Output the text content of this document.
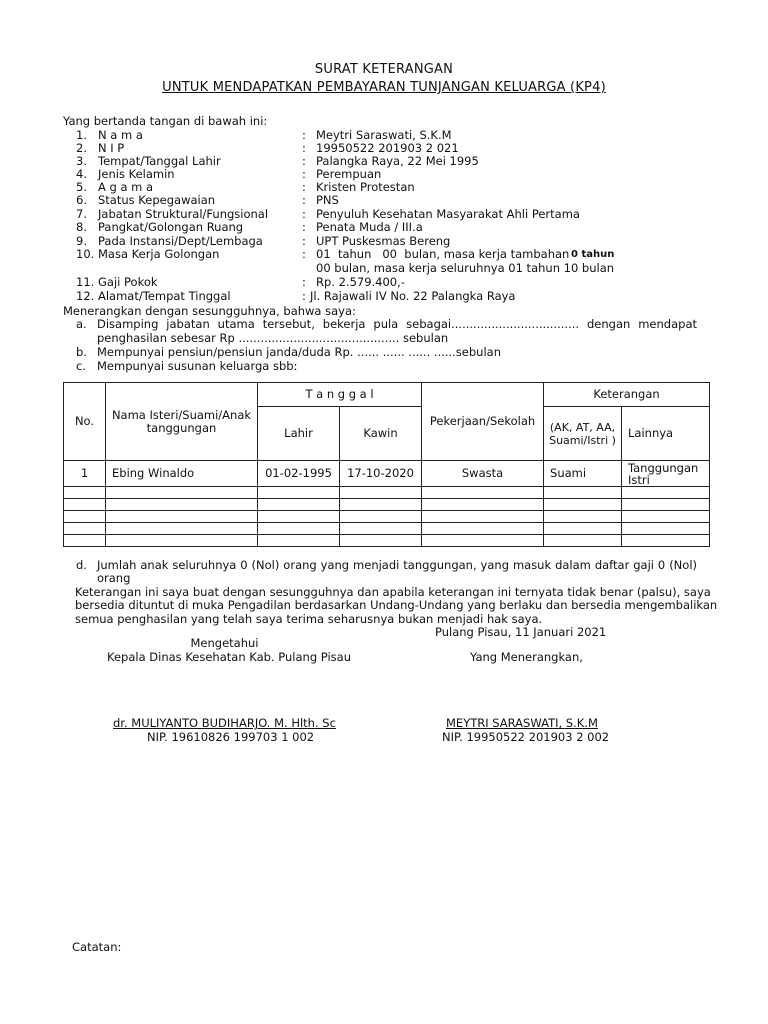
SURAT KETERANGAN
UNTUK MENDAPATKAN PEMBAYARAN TUNJANGAN KELUARGA (KP4)
Yang bertanda tangan di bawah ini:
1. N a m a	: Meytri Saraswati, S.K.M
2. N I P	: 19950522 201903 2 021
3. Tempat/Tanggal Lahir	: Palangka Raya, 22 Mei 1995
4. Jenis Kelamin	: Perempuan
5. A g a m a	: Kristen Protestan
6. Status Kepegawaian	: PNS
7. Jabatan Struktural/Fungsional	: Penyuluh Kesehatan Masyarakat Ahli Pertama
8. Pangkat/Golongan Ruang	: Penata Muda / III.a
9. Pada Instansi/Dept/Lembaga	: UPT Puskesmas Bereng
10. Masa Kerja Golongan	: 01  tahun   00  bulan, masa kerja tambahan 0 tahun
00 bulan, masa kerja seluruhnya 01 tahun 10 bulan
11. Gaji Pokok	: Rp. 2.579.400,-
12. Alamat/Tempat Tinggal	: Jl. Rajawali IV No. 22 Palangka Raya
Menerangkan dengan sesungguhnya, bahwa saya:
a. Disamping jabatan utama tersebut, bekerja pula sebagai................................... dengan mendapat
penghasilan sebesar Rp ............................................ sebulan
b. Mempunyai pensiun/pensiun janda/duda Rp. ...... ...... ...... ......sebulan
c. Mempunyai susunan keluarga sbb:
No.	Nama Isteri/Suami/Anak tanggungan	T a n g g a l		Pekerjaan/Sekolah	Keterangan	
		Lahir	Kawin		(AK, AT, AA, Suami/Istri )	Lainnya
1	Ebing Winaldo	01-02-1995	17-10-2020	Swasta	Suami	Tanggungan Istri

d. Jumlah anak seluruhnya 0 (Nol) orang yang menjadi tanggungan, yang masuk dalam daftar gaji 0 (Nol)
orang
Keterangan ini saya buat dengan sesungguhnya dan apabila keterangan ini ternyata tidak benar (palsu), saya
bersedia dituntut di muka Pengadilan berdasarkan Undang-Undang yang berlaku dan bersedia mengembalikan
semua penghasilan yang telah saya terima seharusnya bukan menjadi hak saya.
Pulang Pisau, 11 Januari 2021
Mengetahui
Kepala Dinas Kesehatan Kab. Pulang Pisau	Yang Menerangkan,
dr. MULIYANTO BUDIHARJO. M. Hlth. Sc
NIP. 19610826 199703 1 002
MEYTRI SARASWATI, S.K.M
NIP. 19950522 201903 2 002
Catatan:
